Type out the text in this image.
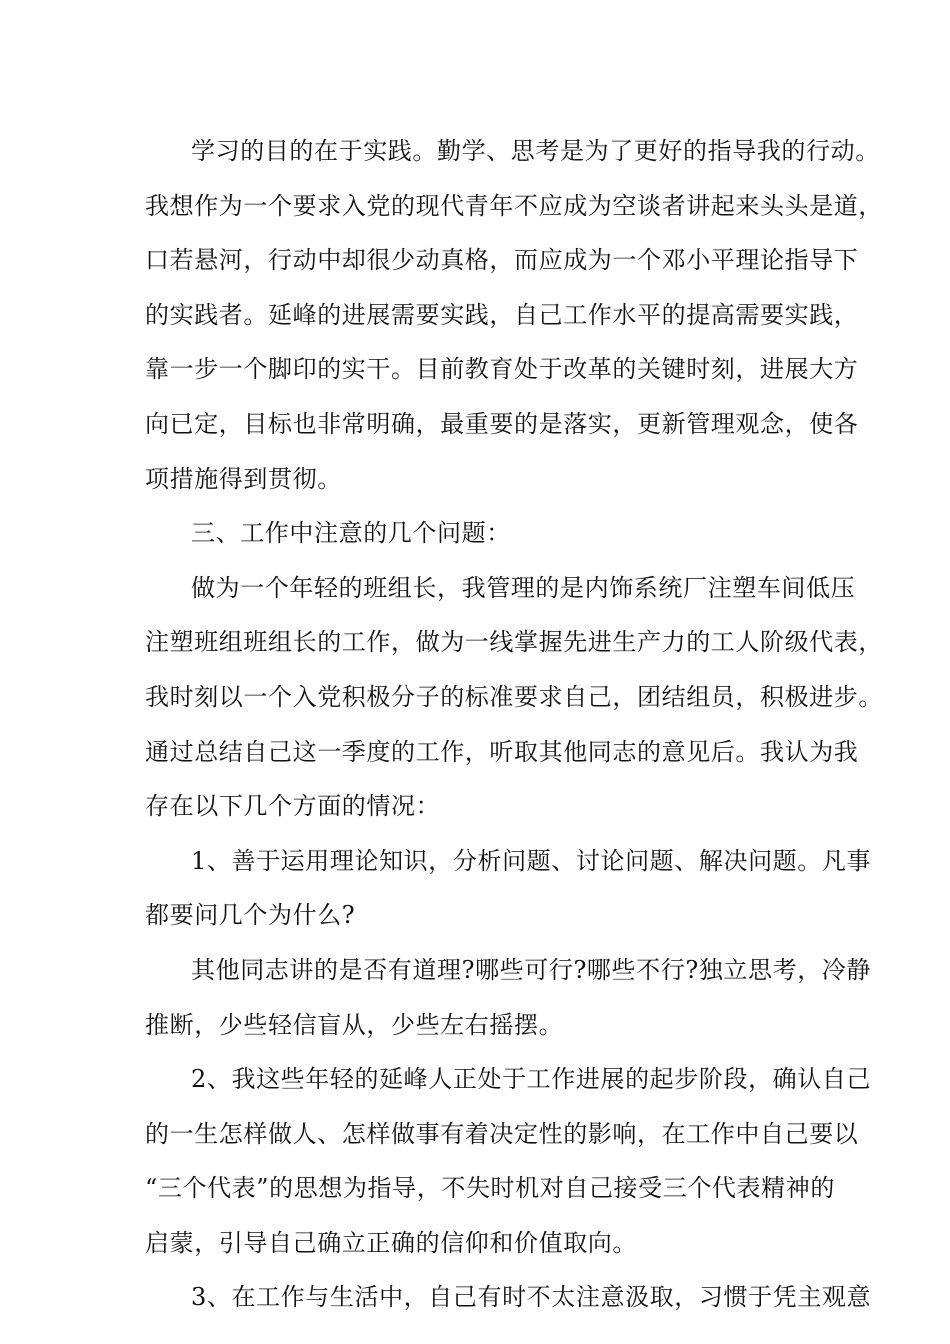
学习的目的在于实践。勤学、思考是为了更好的指导我的行动。
我想作为一个要求入党的现代青年不应成为空谈者讲起来头头是道，
口若悬河，行动中却很少动真格，而应成为一个邓小平理论指导下
的实践者。延峰的进展需要实践，自己工作水平的提高需要实践，
靠一步一个脚印的实干。目前教育处于改革的关键时刻，进展大方
向已定，目标也非常明确，最重要的是落实，更新管理观念，使各
项措施得到贯彻。
三、工作中注意的几个问题：
做为一个年轻的班组长，我管理的是内饰系统厂注塑车间低压
注塑班组班组长的工作，做为一线掌握先进生产力的工人阶级代表，
我时刻以一个入党积极分子的标准要求自己，团结组员，积极进步。
通过总结自己这一季度的工作，听取其他同志的意见后。我认为我
存在以下几个方面的情况：
1、善于运用理论知识，分析问题、讨论问题、解决问题。凡事
都要问几个为什么?
其他同志讲的是否有道理?哪些可行?哪些不行?独立思考，冷静
推断，少些轻信盲从，少些左右摇摆。
2、我这些年轻的延峰人正处于工作进展的起步阶段，确认自己
的一生怎样做人、怎样做事有着决定性的影响，在工作中自己要以
“三个代表”的思想为指导，不失时机对自己接受三个代表精神的
启蒙，引导自己确立正确的信仰和价值取向。
3、在工作与生活中，自己有时不太注意汲取，习惯于凭主观意
